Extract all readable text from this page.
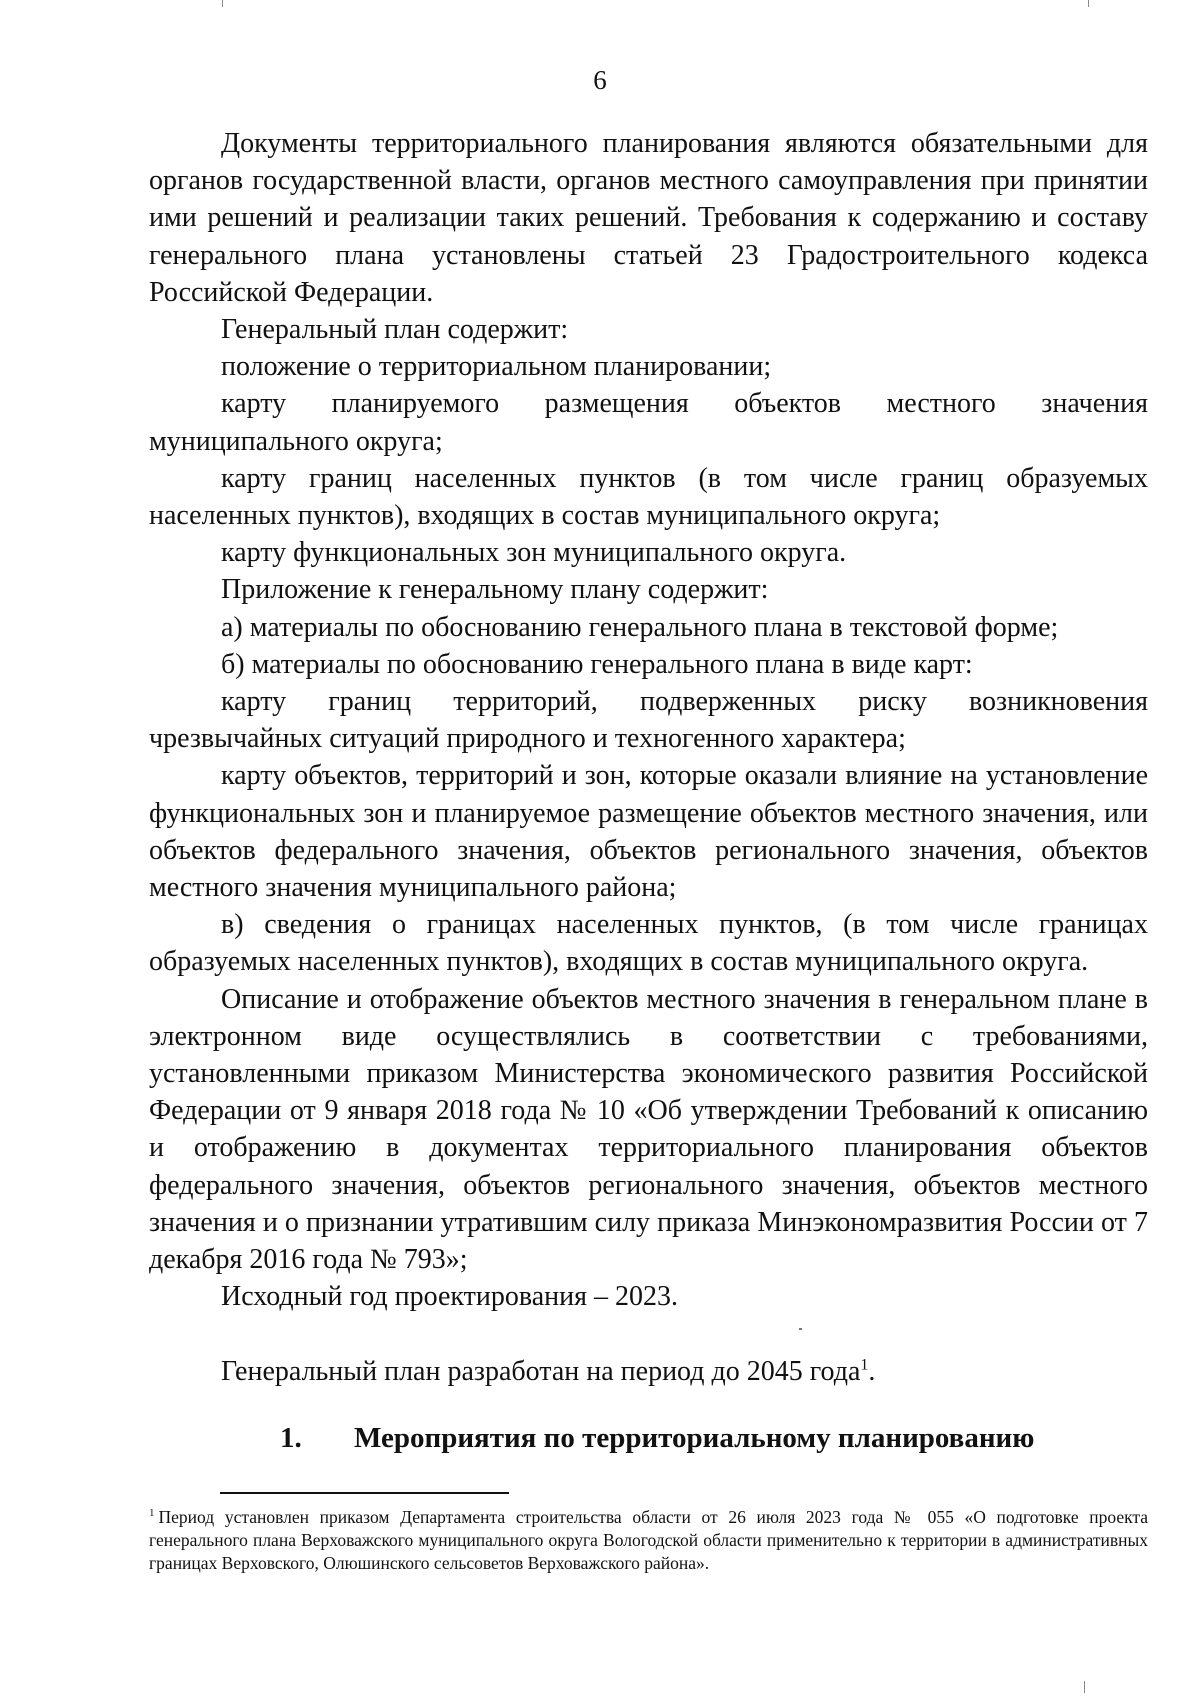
6

Документы территориального планирования являются обязательными для органов государственной власти, органов местного самоуправления при принятии ими решений и реализации таких решений. Требования к содержанию и составу генерального плана установлены статьей 23 Градостроительного кодекса Российской Федерации.

Генеральный план содержит:

положение о территориальном планировании;

карту планируемого размещения объектов местного значения муниципального округа;

карту границ населенных пунктов (в том числе границ образуемых населенных пунктов), входящих в состав муниципального округа;

карту функциональных зон муниципального округа.

Приложение к генеральному плану содержит:

а) материалы по обоснованию генерального плана в текстовой форме;

б) материалы по обоснованию генерального плана в виде карт:

карту границ территорий, подверженных риску возникновения чрезвычайных ситуаций природного и техногенного характера;

карту объектов, территорий и зон, которые оказали влияние на установление функциональных зон и планируемое размещение объектов местного значения, или объектов федерального значения, объектов регионального значения, объектов местного значения муниципального района;

в) сведения о границах населенных пунктов, (в том числе границах образуемых населенных пунктов), входящих в состав муниципального округа.

Описание и отображение объектов местного значения в генеральном плане в электронном виде осуществлялись в соответствии с требованиями, установленными приказом Министерства экономического развития Российской Федерации от 9 января 2018 года № 10 «Об утверждении Требований к описанию и отображению в документах территориального планирования объектов федерального значения, объектов регионального значения, объектов местного значения и о признании утратившим силу приказа Минэкономразвития России от 7 декабря 2016 года № 793»;

Исходный год проектирования – 2023.

Генеральный план разработан на период до 2045 года$^1$.

1. Мероприятия по территориальному планированию
$^1$ Период установлен приказом Департамента строительства области от 26 июля 2023 года № 055 «О подготовке проекта генерального плана Верховажского муниципального округа Вологодской области применительно к территории в административных границах Верховского, Олюшинского сельсоветов Верховажского района».
